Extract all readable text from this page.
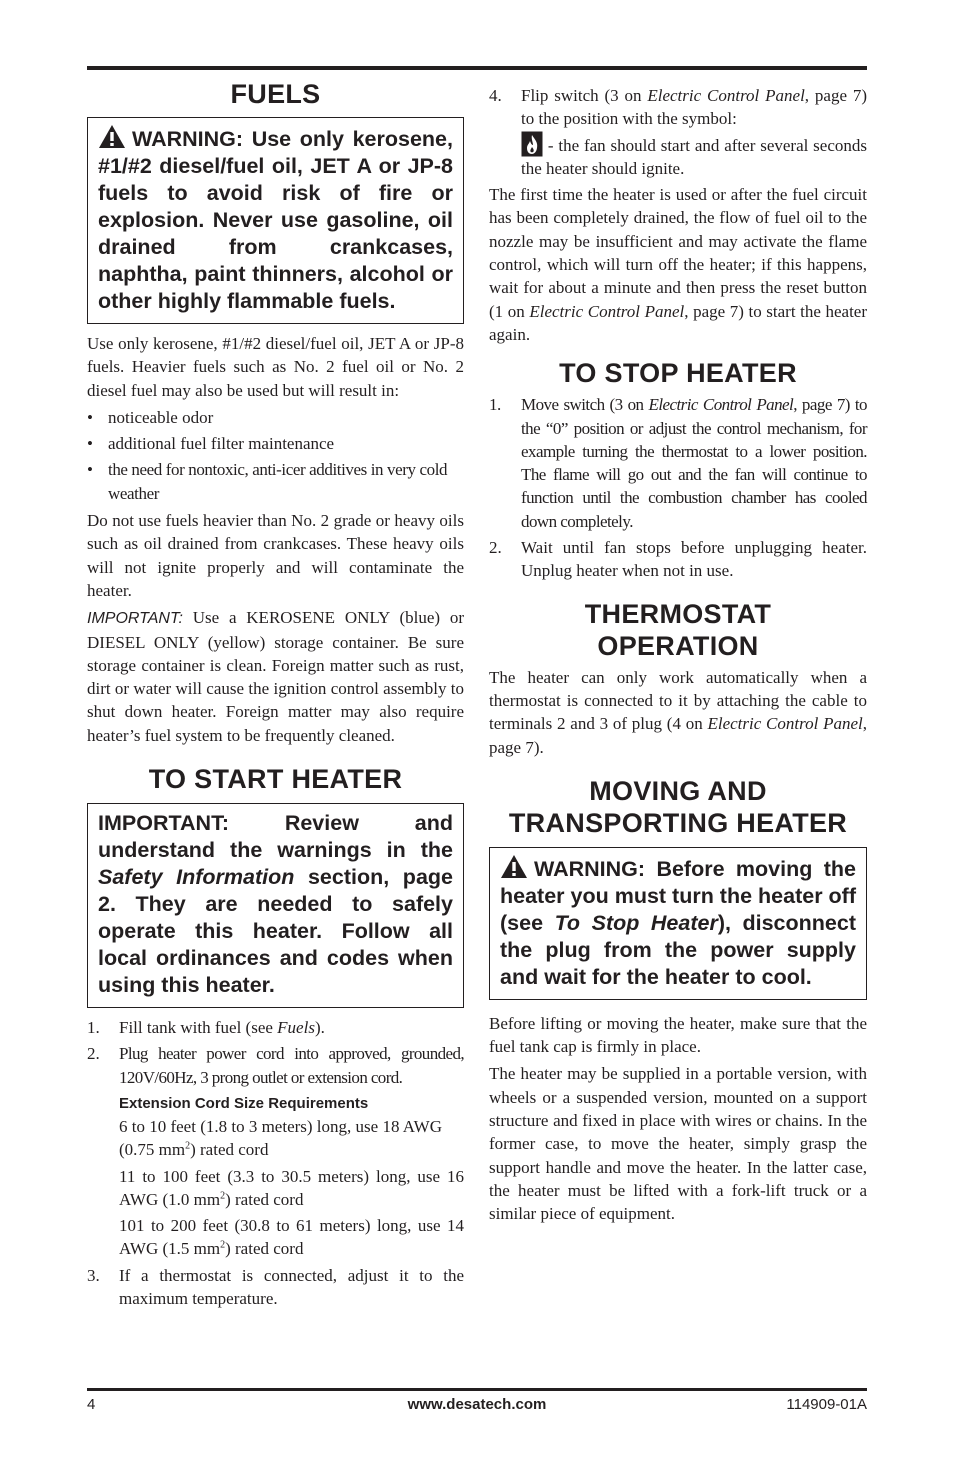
FUELS
WARNING: Use only kerosene, #1/#2 diesel/fuel oil, JET A or JP-8 fuels to avoid risk of fire or explosion. Never use gasoline, oil drained from crankcases, naphtha, paint thinners, alcohol or other highly flammable fuels.

Use only kerosene, #1/#2 diesel/fuel oil, JET A or JP-8 fuels. Heavier fuels such as No. 2 fuel oil or No. 2 diesel fuel may also be used but will result in:

• noticeable odor
• additional fuel filter maintenance
• the need for nontoxic, anti-icer additives in very cold weather

Do not use fuels heavier than No. 2 grade or heavy oils such as oil drained from crankcases. These heavy oils will not ignite properly and will contaminate the heater.

IMPORTANT: Use a KEROSENE ONLY (blue) or DIESEL ONLY (yellow) storage container. Be sure storage container is clean. Foreign matter such as rust, dirt or water will cause the ignition control assembly to shut down heater. Foreign matter may also require heater’s fuel system to be frequently cleaned.

TO START HEATER
IMPORTANT: Review and understand the warnings in the Safety Information section, page 2. They are needed to safely operate this heater. Follow all local ordinances and codes when using this heater.
1. Fill tank with fuel (see Fuels).
2. Plug heater power cord into approved, grounded, 120V/60Hz, 3 prong outlet or extension cord.
Extension Cord Size Requirements
6 to 10 feet (1.8 to 3 meters) long, use 18 AWG (0.75 $mm^2$) rated cord
11 to 100 feet (3.3 to 30.5 meters) long, use 16 AWG (1.0 $mm^2$) rated cord
101 to 200 feet (30.8 to 61 meters) long, use 14 AWG (1.5 $mm^2$) rated cord
3. If a thermostat is connected, adjust it to the maximum temperature.
4. Flip switch (3 on Electric Control Panel, page 7) to the position with the symbol:
- the fan should start and after several seconds the heater should ignite.

The first time the heater is used or after the fuel circuit has been completely drained, the flow of fuel oil to the nozzle may be insufficient and may activate the flame control, which will turn off the heater; if this happens, wait for about a minute and then press the reset button (1 on Electric Control Panel, page 7) to start the heater again.

TO STOP HEATER
1. Move switch (3 on Electric Control Panel, page 7) to the “0” position or adjust the control mechanism, for example turning the thermostat to a lower position. The flame will go out and the fan will continue to function until the combustion chamber has cooled down completely.
2. Wait until fan stops before unplugging heater. Unplug heater when not in use.
THERMOSTAT
OPERATION

The heater can only work automatically when a thermostat is connected to it by attaching the cable to terminals 2 and 3 of plug (4 on Electric Control Panel, page 7).

MOVING AND
TRANSPORTING HEATER
WARNING: Before moving the heater you must turn the heater off (see To Stop Heater), disconnect the plug from the power supply and wait for the heater to cool.

Before lifting or moving the heater, make sure that the fuel tank cap is firmly in place.

The heater may be supplied in a portable version, with wheels or a suspended version, mounted on a support structure and fixed in place with wires or chains. In the former case, to move the heater, simply grasp the support handle and move the heater. In the latter case, the heater must be lifted with a fork-lift truck or a similar piece of equipment.

4	www.desatech.com	114909-01A
